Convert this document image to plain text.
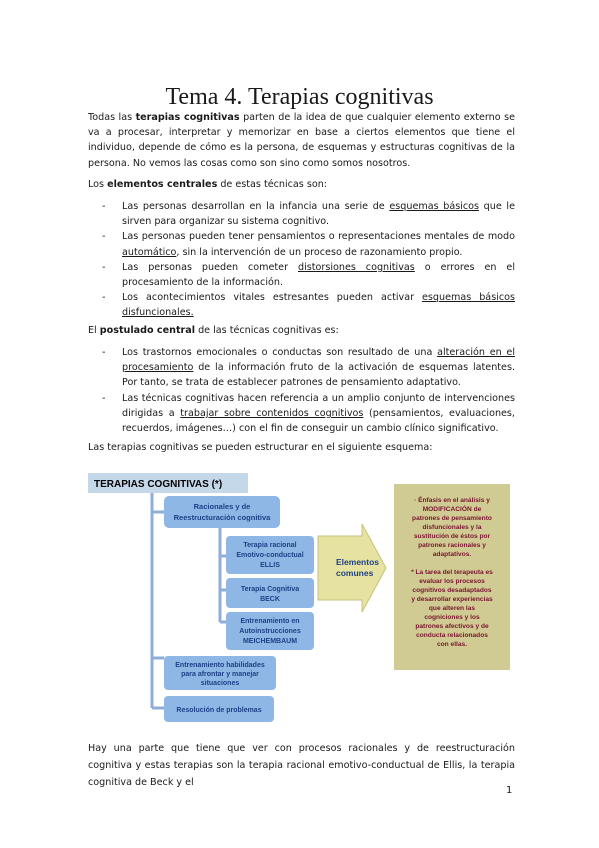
Tema 4. Terapias cognitivas

Todas las terapias cognitivas parten de la idea de que cualquier elemento externo se va a procesar, interpretar y memorizar en base a ciertos elementos que tiene el individuo, depende de cómo es la persona, de esquemas y estructuras cognitivas de la persona. No vemos las cosas como son sino como somos nosotros.

Los elementos centrales de estas técnicas son:

- Las personas desarrollan en la infancia una serie de esquemas básicos que le sirven para organizar su sistema cognitivo.
- Las personas pueden tener pensamientos o representaciones mentales de modo automático, sin la intervención de un proceso de razonamiento propio.
- Las personas pueden cometer distorsiones cognitivas o errores en el procesamiento de la información.
- Los acontecimientos vitales estresantes pueden activar esquemas básicos disfuncionales.

El postulado central de las técnicas cognitivas es:

- Los trastornos emocionales o conductas son resultado de una alteración en el procesamiento de la información fruto de la activación de esquemas latentes. Por tanto, se trata de establecer patrones de pensamiento adaptativo.
- Las técnicas cognitivas hacen referencia a un amplio conjunto de intervenciones dirigidas a trabajar sobre contenidos cognitivos (pensamientos, evaluaciones, recuerdos, imágenes…) con el fin de conseguir un cambio clínico significativo.

Las terapias cognitivas se pueden estructurar en el siguiente esquema:

TERAPIAS COGNITIVAS (*)
Racionales y de
Reestructuración cognitiva
Terapia racional
Emotivo-conductual
ELLIS
Terapia Cognitiva
BECK
Entrenamiento en
Autoinstrucciones
MEICHEMBAUM
Entrenamiento habilidades
para afrontar y manejar
situaciones
Resolución de problemas
Elementos
comunes
· Énfasis en el análisis y
MODIFICACIÓN de
patrones de pensamiento
disfuncionales y la
sustitución de éstos por
patrones racionales y
adaptativos.
* La tarea del terapeuta es
evaluar los procesos
cognitivos desadaptados
y desarrollar experiencias
que alteren las
cogniciones y los
patrones afectivos y de
conducta relacionados
con ellas.

Hay una parte que tiene que ver con procesos racionales y de reestructuración cognitiva y estas terapias son la terapia racional emotivo-conductual de Ellis, la terapia cognitiva de Beck y el

1
